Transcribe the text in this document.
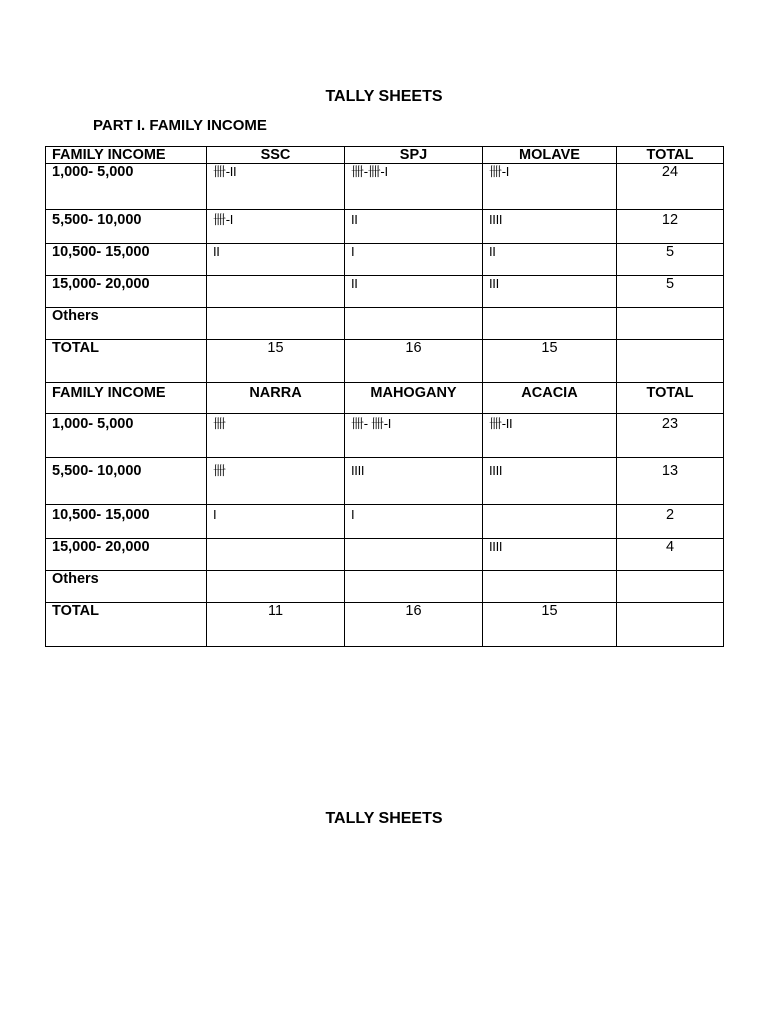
TALLY SHEETS
PART I. FAMILY INCOME
FAMILY INCOME	SSC	SPJ	MOLAVE	TOTAL
1,000- 5,000	卌-II	卌-卌-I	卌-I	24
5,500- 10,000	卌-I	II	IIII	12
10,500- 15,000	II	I	II	5
15,000- 20,000		II	III	5
Others				
TOTAL	15	16	15	
FAMILY INCOME	NARRA	MAHOGANY	ACACIA	TOTAL
1,000- 5,000	卌	卌- 卌-I	卌-II	23
5,500- 10,000	卌	IIII	IIII	13
10,500- 15,000	I	I		2
15,000- 20,000			IIII	4
Others				
TOTAL	11	16	15	
TALLY SHEETS
